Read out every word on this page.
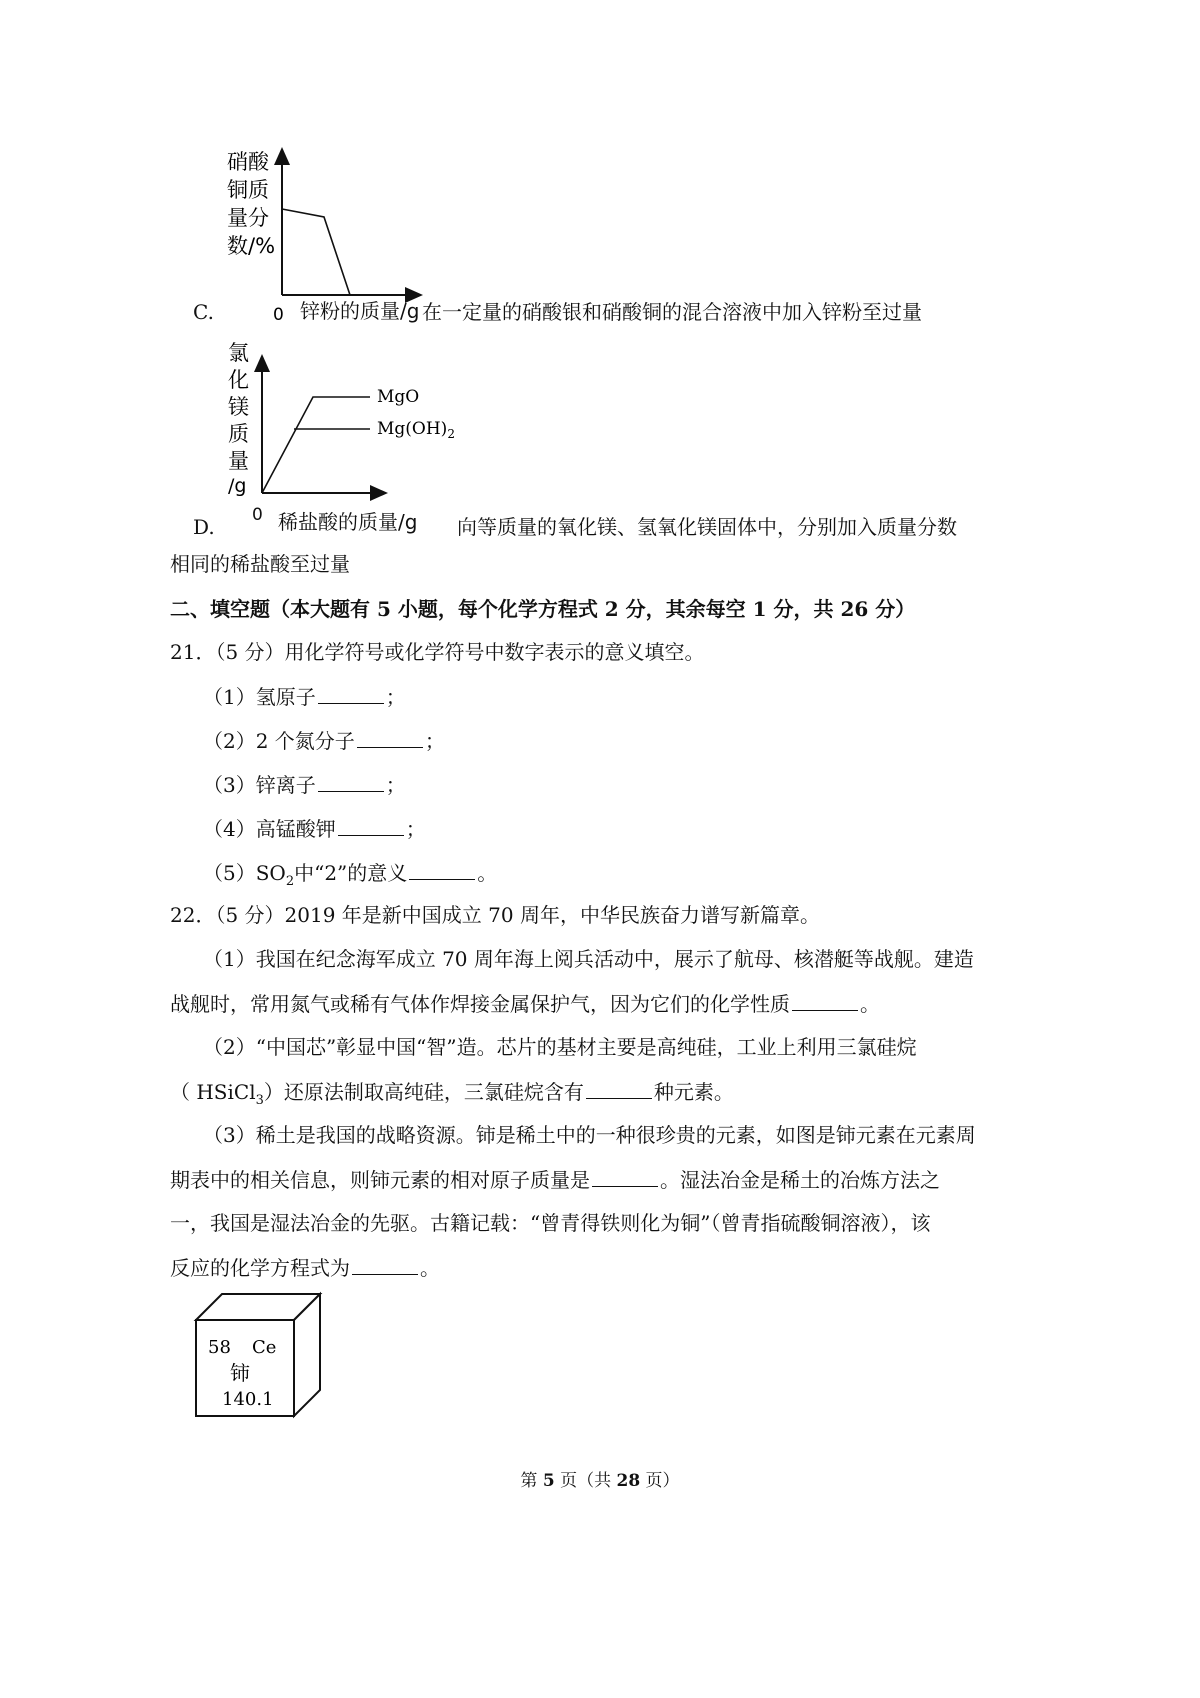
硝酸
铜质
量分
数/%
0
C.	锌粉的质量/g 在一定量的硝酸银和硝酸铜的混合溶液中加入锌粉至过量
氯
化
镁
质
量
/g
MgO
$Mg(OH)_2$
D. 0 稀盐酸的质量/g 向等质量的氧化镁、氢氧化镁固体中，分别加入质量分数
相同的稀盐酸至过量
二、填空题（本大题有 5 小题，每个化学方程式 2 分，其余每空 1 分，共 26 分）
21．（5 分）用化学符号或化学符号中数字表示的意义填空。
（1）氢原子	；
（2）2 个氮分子	；
（3）锌离子	；
（4）高锰酸钾	；
$(5)SO_2$中“2”的意义	。
22．（5 分）2019 年是新中国成立 70 周年，中华民族奋力谱写新篇章。
（1）我国在纪念海军成立 70 周年海上阅兵活动中，展示了航母、核潜艇等战舰。建造
战舰时，常用氮气或稀有气体作焊接金属保护气，因为它们的化学性质	。
（2）“中国芯”彰显中国“智”造。芯片的基材主要是高纯硅，工业上利用三氯硅烷
（ HSiCl$_3$）还原法制取高纯硅，三氯硅烷含有	种元素。
（3）稀土是我国的战略资源。铈是稀土中的一种很珍贵的元素，如图是铈元素在元素周
期表中的相关信息，则铈元素的相对原子质量是	。湿法冶金是稀土的冶炼方法之
一，我国是湿法冶金的先驱。古籍记载：“曾青得铁则化为铜”（曾青指硫酸铜溶液），该
反应的化学方程式为	。
58 Ce
铈
140.1
第 5 页（共 28 页）
